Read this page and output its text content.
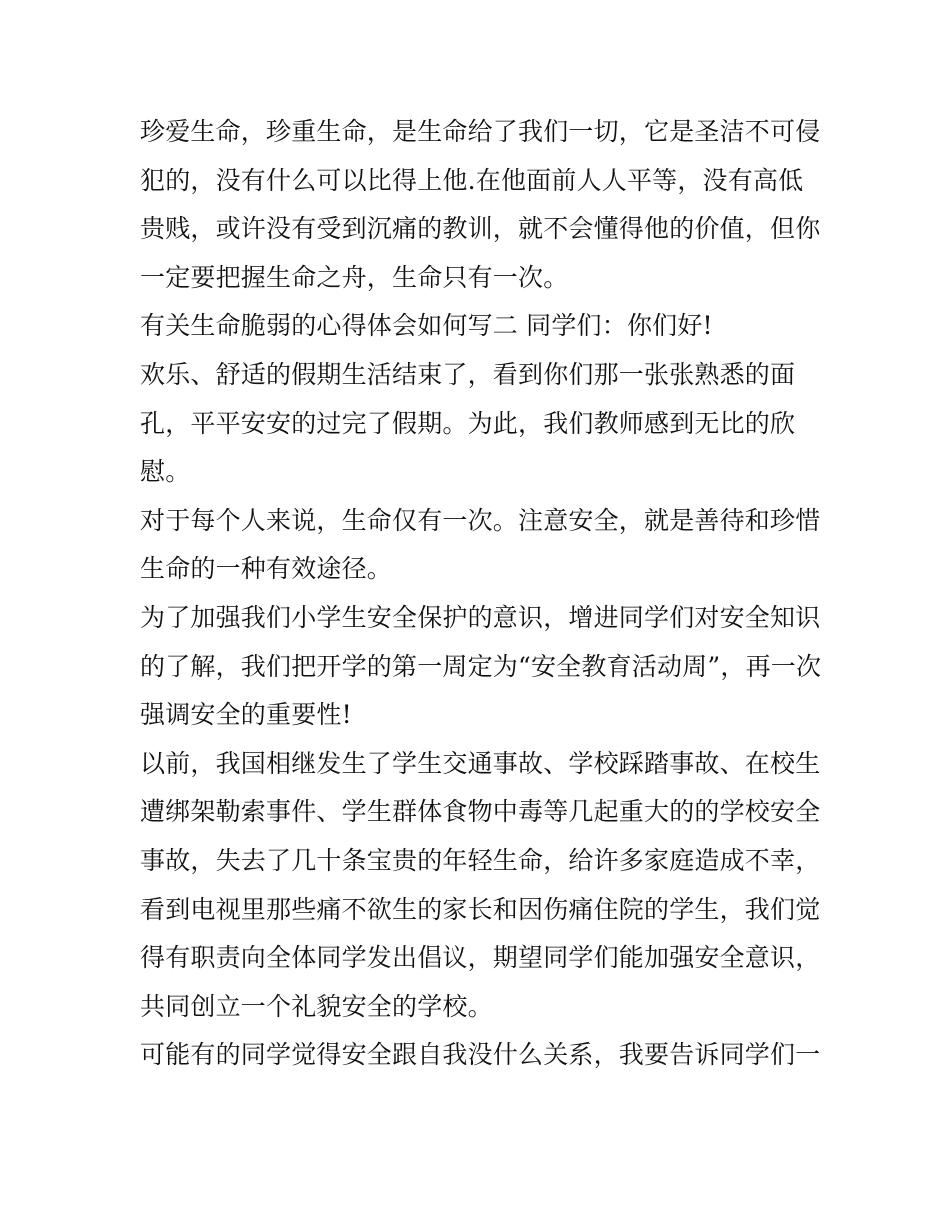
珍爱生命，珍重生命，是生命给了我们一切，它是圣洁不可侵
犯的，没有什么可以比得上他.在他面前人人平等，没有高低
贵贱，或许没有受到沉痛的教训，就不会懂得他的价值，但你
一定要把握生命之舟，生命只有一次。
有关生命脆弱的心得体会如何写二 同学们：你们好!
欢乐、舒适的假期生活结束了，看到你们那一张张熟悉的面
孔，平平安安的过完了假期。为此，我们教师感到无比的欣
慰。
对于每个人来说，生命仅有一次。注意安全，就是善待和珍惜
生命的一种有效途径。
为了加强我们小学生安全保护的意识，增进同学们对安全知识
的了解，我们把开学的第一周定为“安全教育活动周”，再一次
强调安全的重要性!
以前，我国相继发生了学生交通事故、学校踩踏事故、在校生
遭绑架勒索事件、学生群体食物中毒等几起重大的的学校安全
事故，失去了几十条宝贵的年轻生命，给许多家庭造成不幸，
看到电视里那些痛不欲生的家长和因伤痛住院的学生，我们觉
得有职责向全体同学发出倡议，期望同学们能加强安全意识，
共同创立一个礼貌安全的学校。
可能有的同学觉得安全跟自我没什么关系，我要告诉同学们一
